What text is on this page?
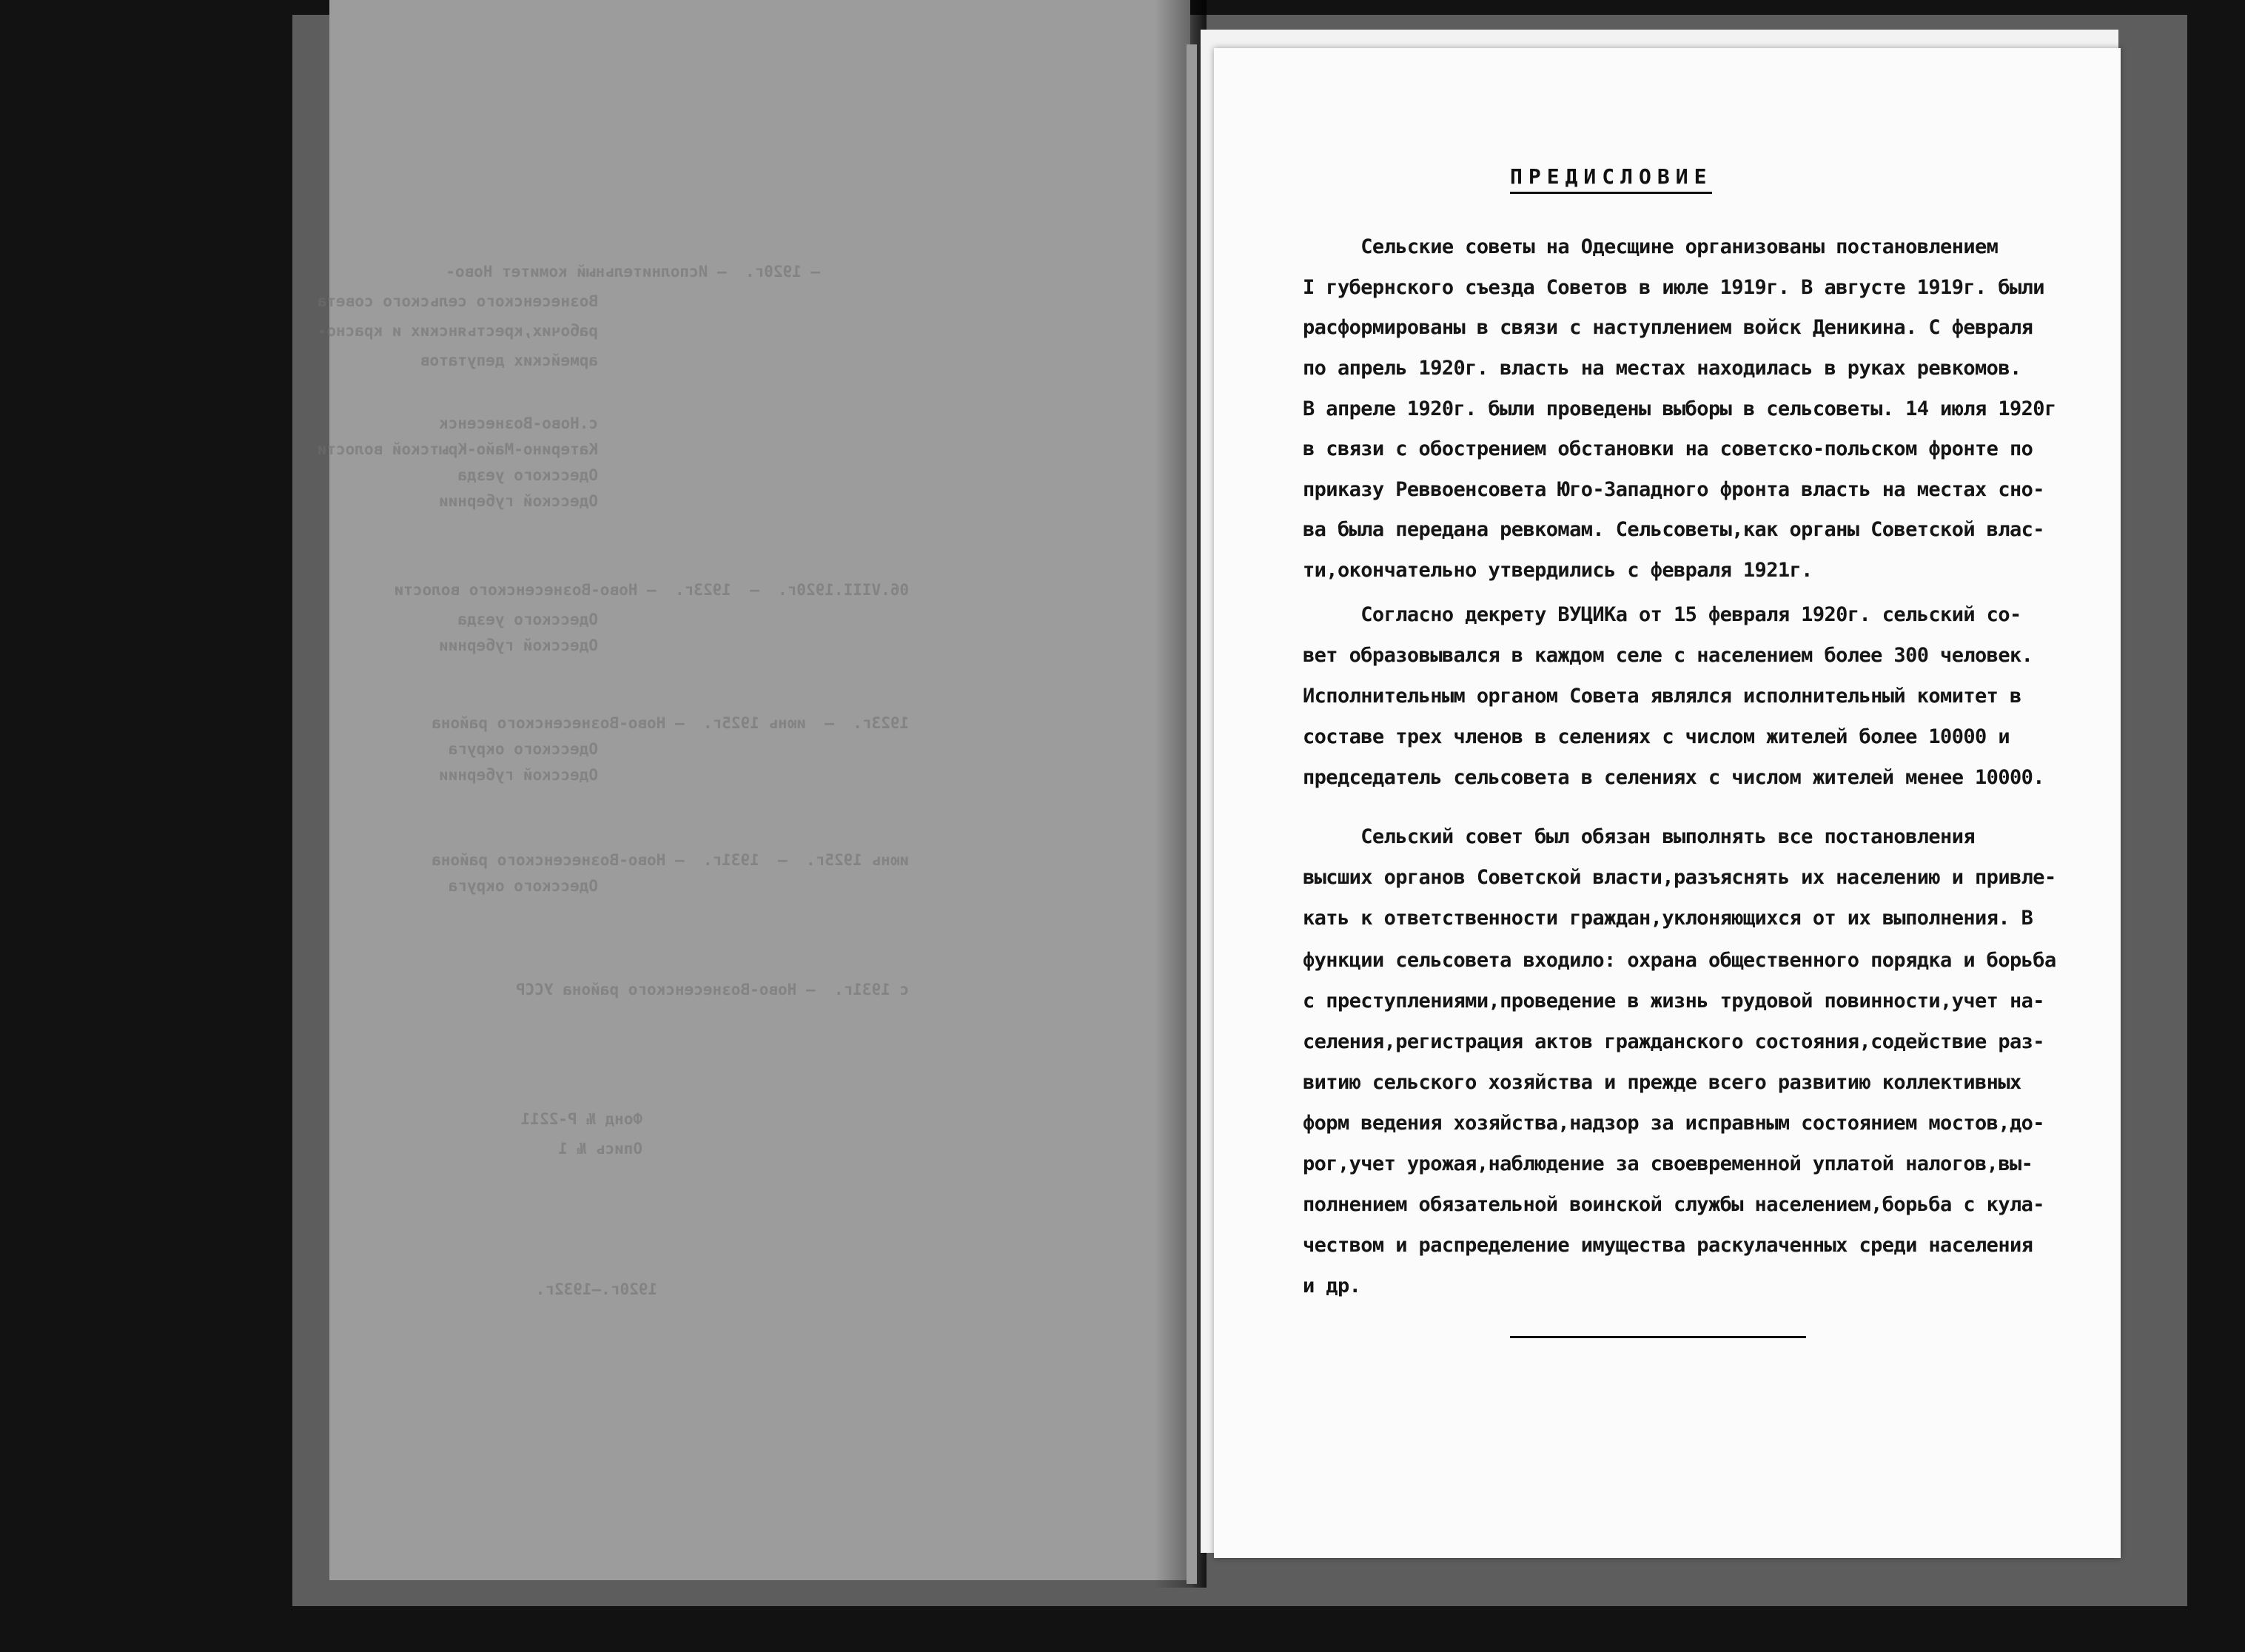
– 1920г.  – Исполнительный комитет Ново-
Вознесенского сельского совета
рабочих,крестьянских и красно-
армейских депутатов
с.Ново-Вознесенск
Катерино-Майо-Крытской волости
Одесского уезда
Одесской губернии
06.VIII.1920г.  –  1923г.  – Ново-Вознесенского волости
Одесского уезда
Одесской губернии
1923г.  –  июнь 1925г.  – Ново-Вознесенского района
Одесского округа
Одесской губернии
июнь 1925г.  –  1931г.  – Ново-Вознесенского района
Одесского округа
с 1931г.  – Ново-Вознесенского района УССР
Фонд № Р-2211
Опись № 1
1920г.–1932г.
ПРЕДИСЛОВИЕ
Сельские советы на Одесщине организованы постановлением
I губернского съезда Советов в июле 1919г. В августе 1919г. были
расформированы в связи с наступлением войск Деникина. С февраля
по апрель 1920г. власть на местах находилась в руках ревкомов.
В апреле 1920г. были проведены выборы в сельсоветы. 14 июля 1920г
в связи с обострением обстановки на советско-польском фронте по
приказу Реввоенсовета Юго-Западного фронта власть на местах сно-
ва была передана ревкомам. Сельсоветы,как органы Советской влас-
ти,окончательно утвердились с февраля 1921г.
Согласно декрету ВУЦИКа от 15 февраля 1920г. сельский со-
вет образовывался в каждом селе с населением более 300 человек.
Исполнительным органом Совета являлся исполнительный комитет в
составе трех членов в селениях с числом жителей более 10000 и
председатель сельсовета в селениях с числом жителей менее 10000.
Сельский совет был обязан выполнять все постановления
высших органов Советской власти,разъяснять их населению и привле-
кать к ответственности граждан,уклоняющихся от их выполнения. В
функции сельсовета входило: охрана общественного порядка и борьба
с преступлениями,проведение в жизнь трудовой повинности,учет на-
селения,регистрация актов гражданского состояния,содействие раз-
витию сельского хозяйства и прежде всего развитию коллективных
форм ведения хозяйства,надзор за исправным состоянием мостов,до-
рог,учет урожая,наблюдение за своевременной уплатой налогов,вы-
полнением обязательной воинской службы населением,борьба с кула-
чеством и распределение имущества раскулаченных среди населения
и др.
